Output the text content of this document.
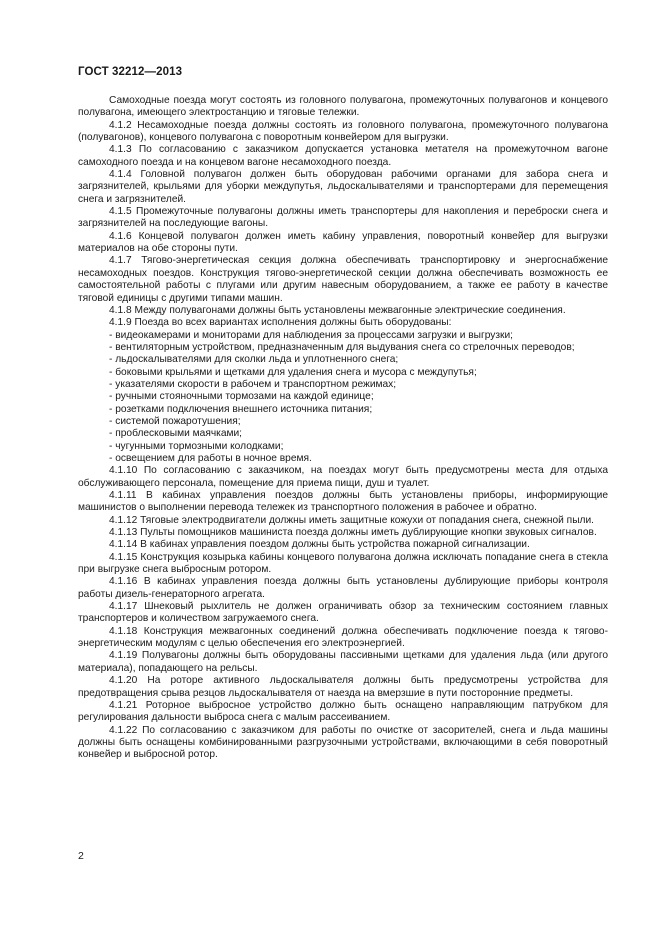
ГОСТ 32212—2013

Самоходные поезда могут состоять из головного полувагона, промежуточных полувагонов и концевого полувагона, имеющего электростанцию и тяговые тележки.

4.1.2 Несамоходные поезда должны состоять из головного полувагона, промежуточного полувагона (полувагонов), концевого полувагона с поворотным конвейером для выгрузки.

4.1.3 По согласованию с заказчиком допускается установка метателя на промежуточном вагоне самоходного поезда и на концевом вагоне несамоходного поезда.

4.1.4 Головной полувагон должен быть оборудован рабочими органами для забора снега и загрязнителей, крыльями для уборки междупутья, льдоскалывателями и транспортерами для перемещения снега и загрязнителей.

4.1.5 Промежуточные полувагоны должны иметь транспортеры для накопления и переброски снега и загрязнителей на последующие вагоны.

4.1.6 Концевой полувагон должен иметь кабину управления, поворотный конвейер для выгрузки материалов на обе стороны пути.

4.1.7 Тягово-энергетическая секция должна обеспечивать транспортировку и энергоснабжение несамоходных поездов. Конструкция тягово-энергетической секции должна обеспечивать возможность ее самостоятельной работы с плугами или другим навесным оборудованием, а также ее работу в качестве тяговой единицы с другими типами машин.

4.1.8 Между полувагонами должны быть установлены межвагонные электрические соединения.

4.1.9 Поезда во всех вариантах исполнения должны быть оборудованы:

- видеокамерами и мониторами для наблюдения за процессами загрузки и выгрузки;

- вентиляторным устройством, предназначенным для выдувания снега со стрелочных переводов;

- льдоскалывателями для сколки льда и уплотненного снега;

- боковыми крыльями и щетками для удаления снега и мусора с междупутья;

- указателями скорости в рабочем и транспортном режимах;

- ручными стояночными тормозами на каждой единице;

- розетками подключения внешнего источника питания;

- системой пожаротушения;

- проблесковыми маячками;

- чугунными тормозными колодками;

- освещением для работы в ночное время.

4.1.10 По согласованию с заказчиком, на поездах могут быть предусмотрены места для отдыха обслуживающего персонала, помещение для приема пищи, душ и туалет.

4.1.11 В кабинах управления поездов должны быть установлены приборы, информирующие машинистов о выполнении перевода тележек из транспортного положения в рабочее и обратно.

4.1.12 Тяговые электродвигатели должны иметь защитные кожухи от попадания снега, снежной пыли.

4.1.13 Пульты помощников машиниста поезда должны иметь дублирующие кнопки звуковых сигналов.

4.1.14 В кабинах управления поездом должны быть устройства пожарной сигнализации.

4.1.15 Конструкция козырька кабины концевого полувагона должна исключать попадание снега в стекла при выгрузке снега выбросным ротором.

4.1.16 В кабинах управления поезда должны быть установлены дублирующие приборы контроля работы дизель-генераторного агрегата.

4.1.17 Шнековый рыхлитель не должен ограничивать обзор за техническим состоянием главных транспортеров и количеством загружаемого снега.

4.1.18 Конструкция межвагонных соединений должна обеспечивать подключение поезда к тягово-энергетическим модулям с целью обеспечения его электроэнергией.

4.1.19 Полувагоны должны быть оборудованы пассивными щетками для удаления льда (или другого материала), попадающего на рельсы.

4.1.20 На роторе активного льдоскалывателя должны быть предусмотрены устройства для предотвращения срыва резцов льдоскалывателя от наезда на вмерзшие в пути посторонние предметы.

4.1.21 Роторное выбросное устройство должно быть оснащено направляющим патрубком для регулирования дальности выброса снега с малым рассеиванием.

4.1.22 По согласованию с заказчиком для работы по очистке от засорителей, снега и льда машины должны быть оснащены комбинированными разгрузочными устройствами, включающими в себя поворотный конвейер и выбросной ротор.

2
